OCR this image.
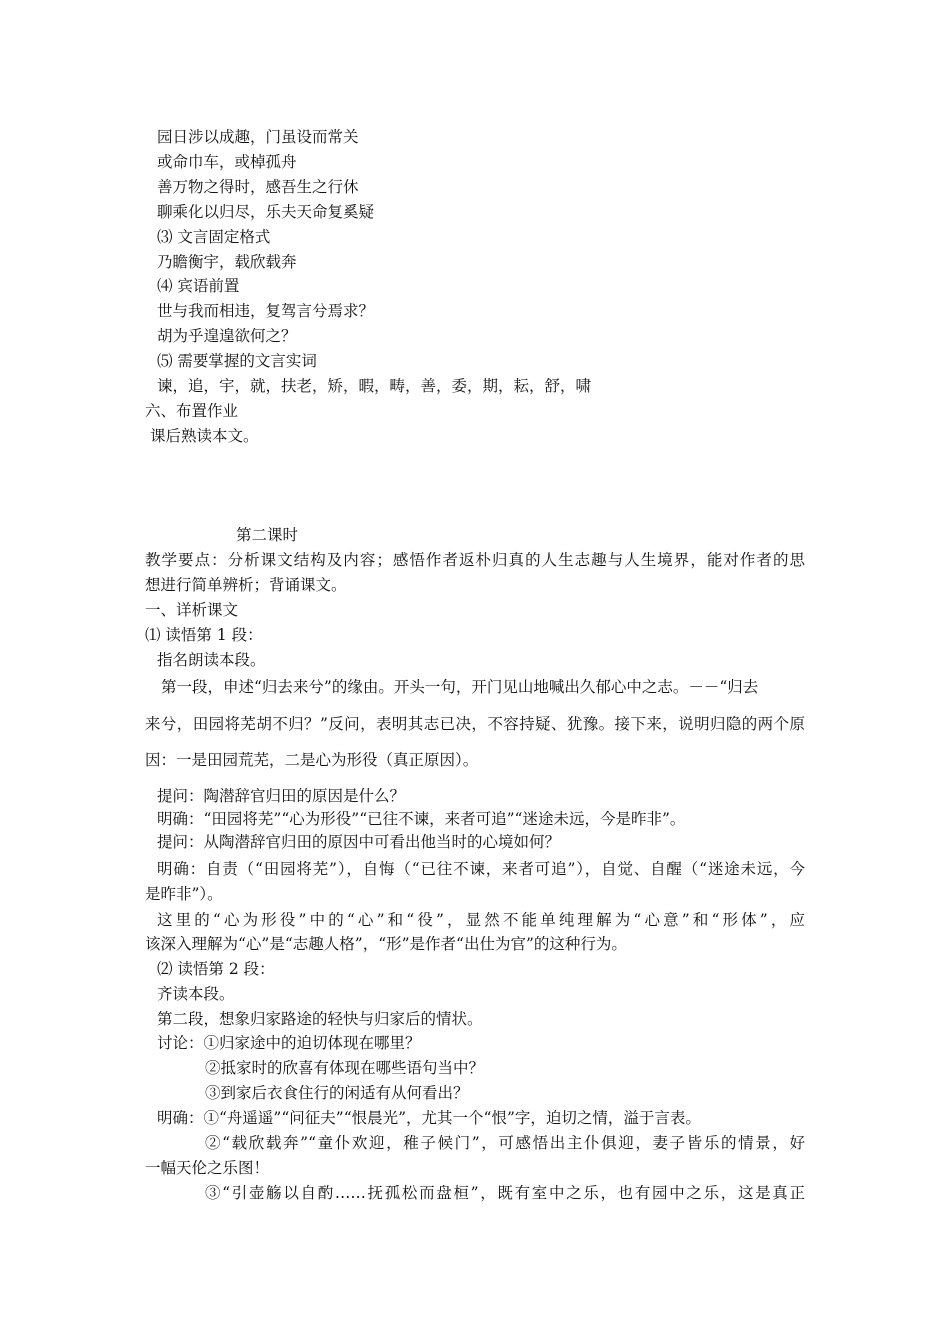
园日涉以成趣，门虽设而常关
或命巾车，或棹孤舟
善万物之得时，感吾生之行休
聊乘化以归尽，乐夫天命复奚疑
⑶ 文言固定格式
乃瞻衡宇，载欣载奔
⑷ 宾语前置
世与我而相违，复驾言兮焉求？
胡为乎遑遑欲何之？
⑸ 需要掌握的文言实词
谏，追，宇，就，扶老，矫，暇，畴，善，委，期，耘，舒，啸
六、布置作业
课后熟读本文。
第二课时
教学要点：分析课文结构及内容；感悟作者返朴归真的人生志趣与人生境界，能对作者的思
想进行简单辨析；背诵课文。
一、详析课文
⑴ 读悟第 1 段：
指名朗读本段。
第一段，申述“归去来兮”的缘由。开头一句，开门见山地喊出久郁心中之志。－－“归去
来兮，田园将芜胡不归？”反问，表明其志已决，不容持疑、犹豫。接下来，说明归隐的两个原
因：一是田园荒芜，二是心为形役（真正原因）。
提问：陶潜辞官归田的原因是什么？
明确：“田园将芜”“心为形役”“已往不谏，来者可追”“迷途未远，今是昨非”。
提问：从陶潜辞官归田的原因中可看出他当时的心境如何？
明确：自责（“田园将芜”），自悔（“已往不谏，来者可追”），自觉、自醒（“迷途未远，今
是昨非”）。
这里的“心为形役”中的“心”和“役”，显然不能单纯理解为“心意”和“形体”，应
该深入理解为“心”是“志趣人格”，“形”是作者“出仕为官”的这种行为。
⑵ 读悟第 2 段：
齐读本段。
第二段，想象归家路途的轻快与归家后的情状。
讨论：①归家途中的迫切体现在哪里？
②抵家时的欣喜有体现在哪些语句当中？
③到家后衣食住行的闲适有从何看出？
明确：①“舟遥遥”“问征夫”“恨晨光”，尤其一个“恨”字，迫切之情，溢于言表。
②“载欣载奔”“童仆欢迎，稚子候门”，可感悟出主仆俱迎，妻子皆乐的情景，好
一幅天伦之乐图！
③“引壶觞以自酌……抚孤松而盘桓”，既有室中之乐，也有园中之乐，这是真正
